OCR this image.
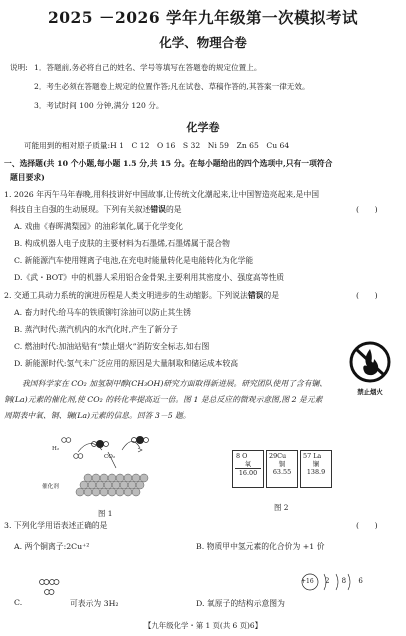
2025 －2026 学年九年级第一次模拟考试
化学、物理合卷
说明: 1．答题前,务必将自己的姓名、学号等填写在答题卷的规定位置上。
2．考生必须在答题卷上规定的位置作答;凡在试卷、草稿作答的,其答案一律无效。
3．考试时间 100 分钟,满分 120 分。
化学卷
可能用到的相对原子质量:H 1　C 12　O 16　S 32　Ni 59　Zn 65　Cu 64
一、选择题(共 10 个小题,每小题 1.5 分,共 15 分。在每小题给出的四个选项中,只有一项符合
题目要求)
1. 2026 年丙午马年春晚,用科技讲好中国故事,让传统文化潮起来,让中国智造亮起来,是中国
科技自主自强的生动展现。下列有关叙述错误的是	(　　)
A. 戏曲《春晖满梨园》的油彩氧化,属于化学变化
B. 构成机器人电子皮肤的主要材料为石墨烯,石墨烯属于混合物
C. 新能源汽车使用锂离子电池,在充电时能量转化是电能转化为化学能
D.《武・BOT》中的机器人采用铝合金骨架,主要利用其密度小、强度高等性质
2. 交通工具动力系统的演进历程是人类文明进步的生动缩影。下列说法错误的是	(　　)
A. 畜力时代:给马车的铁质铆钉涂油可以防止其生锈
B. 蒸汽时代:蒸汽机内的水汽化时,产生了新分子
C. 燃油时代:加油站贴有“禁止烟火”消防安全标志,如右图
D. 新能源时代:氢气未广泛应用的原因是大量制取和储运成本较高
禁止烟火
我国科学家在 CO₂ 加氢制甲醇(CH₃OH)研究方面取得新进展。研究团队使用了含有镧、
铜(La)元素的催化剂,使 CO₂ 的转化率提高近一倍。图 1 是总反应的微观示意图,图 2 是元素
周期表中氧、铜、镧(La)元素的信息。回答 3－5 题。
催化剂
H₂
CO₂
图 1
8 O
氧
16.00
29Cu
铜
63.55
57 La
镧
138.9
图 2
3. 下列化学用语表述正确的是	(　　)
A. 两个铜离子:2Cu⁺²	B. 物质甲中氢元素的化合价为 +1 价
C.	可表示为 3H₂	D. 氧原子的结构示意图为
+16 2 8 6
【九年级化学・第 1 页(共 6 页)6】
